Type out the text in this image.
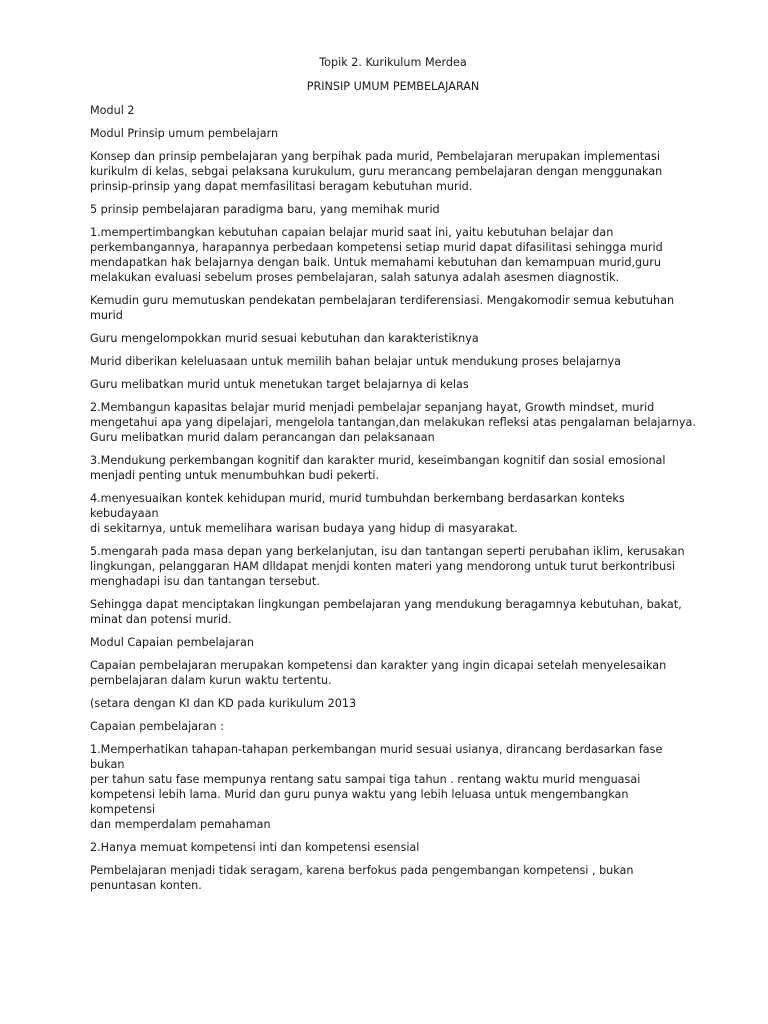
Topik 2. Kurikulum Merdea

PRINSIP UMUM PEMBELAJARAN

Modul 2

Modul Prinsip umum pembelajarn

Konsep dan prinsip pembelajaran yang berpihak pada murid, Pembelajaran merupakan implementasi
kurikulm di kelas, sebgai pelaksana kurukulum, guru merancang pembelajaran dengan menggunakan
prinsip-prinsip yang dapat memfasilitasi beragam kebutuhan murid.

5 prinsip pembelajaran paradigma baru, yang memihak murid

1.mempertimbangkan kebutuhan capaian belajar murid saat ini, yaitu kebutuhan belajar dan
perkembangannya, harapannya perbedaan kompetensi setiap murid dapat difasilitasi sehingga murid
mendapatkan hak belajarnya dengan baik. Untuk memahami kebutuhan dan kemampuan murid,guru
melakukan evaluasi sebelum proses pembelajaran, salah satunya adalah asesmen diagnostik.

Kemudin guru memutuskan pendekatan pembelajaran terdiferensiasi. Mengakomodir semua kebutuhan
murid

Guru mengelompokkan murid sesuai kebutuhan dan karakteristiknya

Murid diberikan keleluasaan untuk memilih bahan belajar untuk mendukung proses belajarnya

Guru melibatkan murid untuk menetukan target belajarnya di kelas

2.Membangun kapasitas belajar murid menjadi pembelajar sepanjang hayat, Growth mindset, murid
mengetahui apa yang dipelajari, mengelola tantangan,dan melakukan refleksi atas pengalaman belajarnya.
Guru melibatkan murid dalam perancangan dan pelaksanaan

3.Mendukung perkembangan kognitif dan karakter murid, keseimbangan kognitif dan sosial emosional
menjadi penting untuk menumbuhkan budi pekerti.

4.menyesuaikan kontek kehidupan murid, murid tumbuhdan berkembang berdasarkan konteks kebudayaan
di sekitarnya, untuk memelihara warisan budaya yang hidup di masyarakat.

5.mengarah pada masa depan yang berkelanjutan, isu dan tantangan seperti perubahan iklim, kerusakan
lingkungan, pelanggaran HAM dlldapat menjdi konten materi yang mendorong untuk turut berkontribusi
menghadapi isu dan tantangan tersebut.

Sehingga dapat menciptakan lingkungan pembelajaran yang mendukung beragamnya kebutuhan, bakat,
minat dan potensi murid.

Modul Capaian pembelajaran

Capaian pembelajaran merupakan kompetensi dan karakter yang ingin dicapai setelah menyelesaikan
pembelajaran dalam kurun waktu tertentu.

(setara dengan KI dan KD pada kurikulum 2013

Capaian pembelajaran :

1.Memperhatikan tahapan-tahapan perkembangan murid sesuai usianya, dirancang berdasarkan fase bukan
per tahun satu fase mempunya rentang satu sampai tiga tahun . rentang waktu murid menguasai
kompetensi lebih lama. Murid dan guru punya waktu yang lebih leluasa untuk mengembangkan kompetensi
dan memperdalam pemahaman

2.Hanya memuat kompetensi inti dan kompetensi esensial

Pembelajaran menjadi tidak seragam, karena berfokus pada pengembangan kompetensi , bukan
penuntasan konten.
